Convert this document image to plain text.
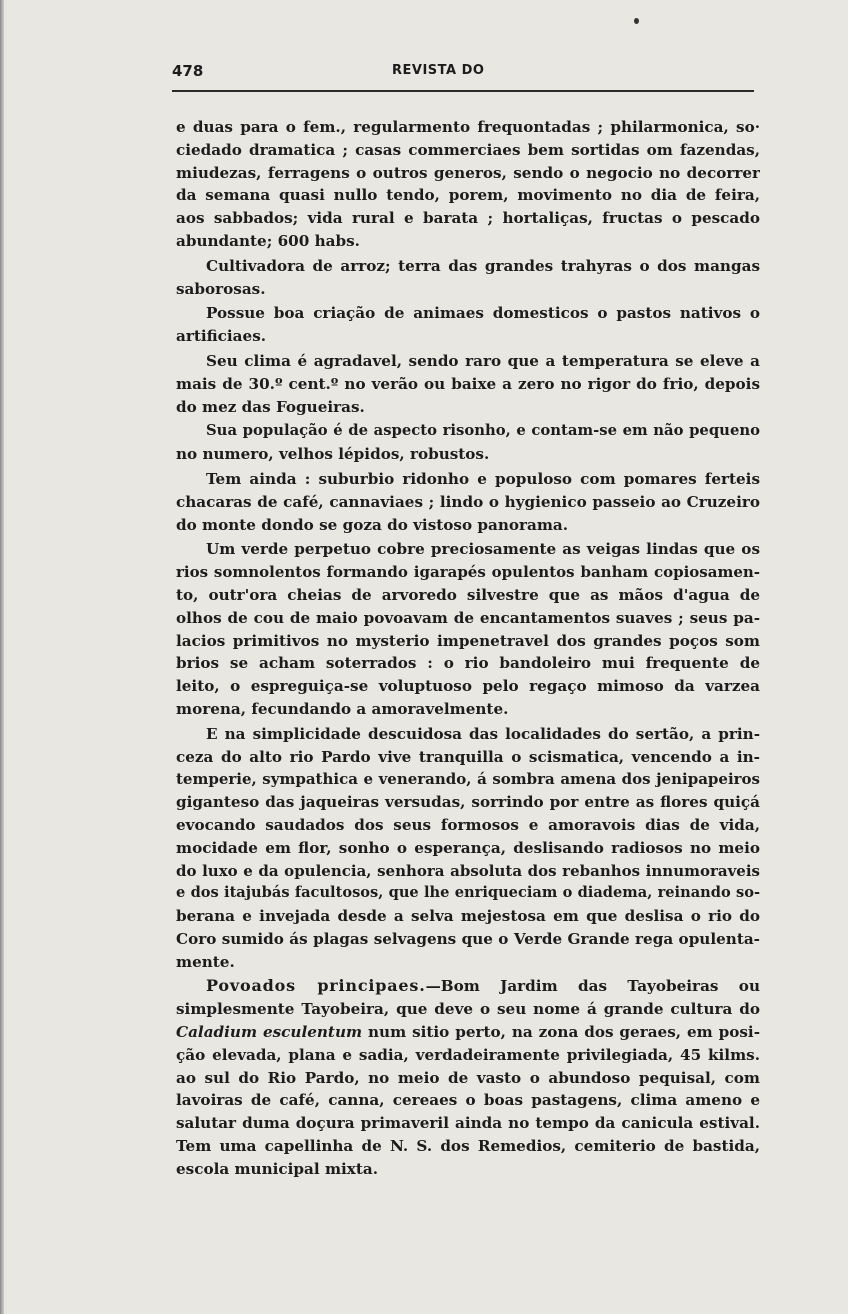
478	REVISTA DO
e duas para o fem., regularmento frequontadas ; philarmonica, so·
ciedado dramatica ; casas commerciaes bem sortidas om fazendas,
miudezas, ferragens o outros generos, sendo o negocio no decorrer
da semana quasi nullo tendo, porem, movimento no dia de feira,
aos sabbados; vida rural e barata ; hortaliças, fructas o pescado
abundante; 600 habs.
Cultivadora de arroz; terra das grandes trahyras o dos mangas
saborosas.
Possue boa criação de animaes domesticos o pastos nativos o
artificiaes.
Seu clima é agradavel, sendo raro que a temperatura se eleve a
mais de 30.º cent.º no verão ou baixe a zero no rigor do frio, depois
do mez das Fogueiras.
Sua população é de aspecto risonho, e contam-se em não pequeno
no numero, velhos lépidos, robustos.
Tem ainda : suburbio ridonho e populoso com pomares ferteis
chacaras de café, cannaviaes ; lindo o hygienico passeio ao Cruzeiro
do monte dondo se goza do vistoso panorama.
Um verde perpetuo cobre preciosamente as veigas lindas que os
rios somnolentos formando igarapés opulentos banham copiosamen-
to, outr'ora cheias de arvoredo silvestre que as mãos d'agua de
olhos de cou de maio povoavam de encantamentos suaves ; seus pa-
lacios primitivos no mysterio impenetravel dos grandes poços som
brios se acham soterrados : o rio bandoleiro mui frequente de
leito, o espreguiça-se voluptuoso pelo regaço mimoso da varzea
morena, fecundando a amoravelmente.
E na simplicidade descuidosa das localidades do sertão, a prin-
ceza do alto rio Pardo vive tranquilla o scismatica, vencendo a in-
temperie, sympathica e venerando, á sombra amena dos jenipapeiros
giganteso das jaqueiras versudas, sorrindo por entre as flores quiçá
evocando saudados dos seus formosos e amoravois dias de vida,
mocidade em flor, sonho o esperança, deslisando radiosos no meio
do luxo e da opulencia, senhora absoluta dos rebanhos innumoraveis
e dos itajubás facultosos, que lhe enriqueciam o diadema, reinando so-
berana e invejada desde a selva mejestosa em que deslisa o rio do
Coro sumido ás plagas selvagens que o Verde Grande rega opulenta-
mente.
Povoados principaes.—Bom Jardim das Tayobeiras ou
simplesmente Tayobeira, que deve o seu nome á grande cultura do
Caladium esculentum num sitio perto, na zona dos geraes, em posi-
ção elevada, plana e sadia, verdadeiramente privilegiada, 45 kilms.
ao sul do Rio Pardo, no meio de vasto o abundoso pequisal, com
lavoiras de café, canna, cereaes o boas pastagens, clima ameno e
salutar duma doçura primaveril ainda no tempo da canicula estival.
Tem uma capellinha de N. S. dos Remedios, cemiterio de bastida,
escola municipal mixta.
